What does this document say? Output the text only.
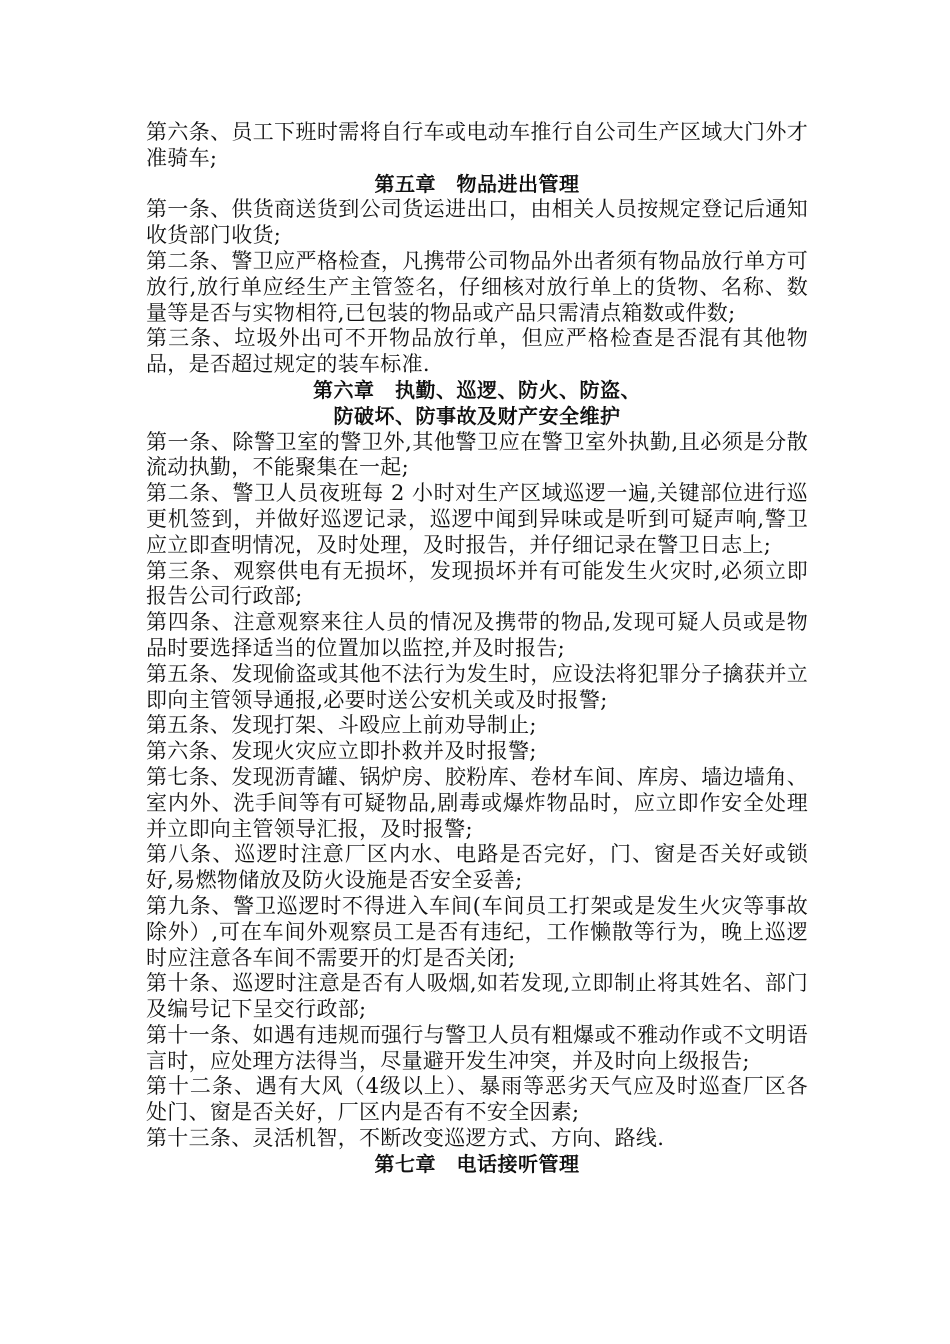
第六条、员工下班时需将自行车或电动车推行自公司生产区域大门外才准骑车;

第五章　物品进出管理

第一条、供货商送货到公司货运进出口，由相关人员按规定登记后通知收货部门收货;

第二条、警卫应严格检查，凡携带公司物品外出者须有物品放行单方可放行,放行单应经生产主管签名，仔细核对放行单上的货物、名称、数量等是否与实物相符,已包装的物品或产品只需清点箱数或件数;

第三条、垃圾外出可不开物品放行单，但应严格检查是否混有其他物品，是否超过规定的装车标准.

第六章　执勤、巡逻、防火、防盗、

防破坏、防事故及财产安全维护

第一条、除警卫室的警卫外,其他警卫应在警卫室外执勤,且必须是分散流动执勤，不能聚集在一起;

第二条、警卫人员夜班每 2 小时对生产区域巡逻一遍,关键部位进行巡更机签到，并做好巡逻记录，巡逻中闻到异味或是听到可疑声响,警卫应立即查明情况，及时处理，及时报告，并仔细记录在警卫日志上;

第三条、观察供电有无损坏，发现损坏并有可能发生火灾时,必须立即报告公司行政部;

第四条、注意观察来往人员的情况及携带的物品,发现可疑人员或是物品时要选择适当的位置加以监控,并及时报告;

第五条、发现偷盗或其他不法行为发生时，应设法将犯罪分子擒获并立即向主管领导通报,必要时送公安机关或及时报警;

第五条、发现打架、斗殴应上前劝导制止;

第六条、发现火灾应立即扑救并及时报警;

第七条、发现沥青罐、锅炉房、胶粉库、卷材车间、库房、墙边墙角、室内外、洗手间等有可疑物品,剧毒或爆炸物品时，应立即作安全处理并立即向主管领导汇报，及时报警;

第八条、巡逻时注意厂区内水、电路是否完好，门、窗是否关好或锁好,易燃物储放及防火设施是否安全妥善;

第九条、警卫巡逻时不得进入车间(车间员工打架或是发生火灾等事故除外）,可在车间外观察员工是否有违纪，工作懒散等行为，晚上巡逻时应注意各车间不需要开的灯是否关闭;

第十条、巡逻时注意是否有人吸烟,如若发现,立即制止将其姓名、部门及编号记下呈交行政部;

第十一条、如遇有违规而强行与警卫人员有粗爆或不雅动作或不文明语言时，应处理方法得当，尽量避开发生冲突，并及时向上级报告;

第十二条、遇有大风（4级以上）、暴雨等恶劣天气应及时巡查厂区各处门、窗是否关好，厂区内是否有不安全因素;

第十三条、灵活机智，不断改变巡逻方式、方向、路线.

第七章　电话接听管理
